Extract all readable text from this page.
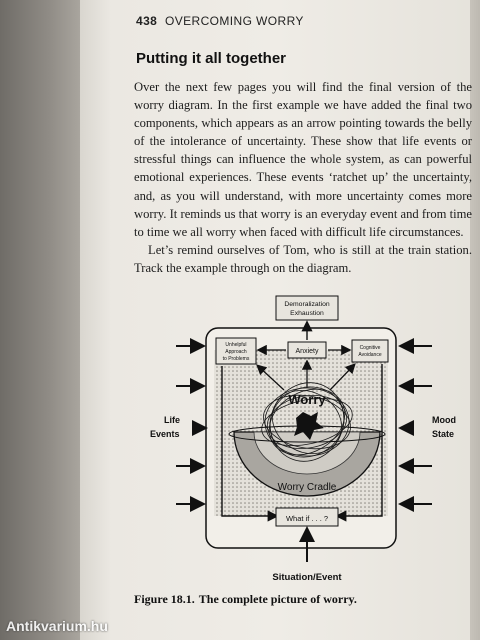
438 OVERCOMING WORRY
Putting it all together

Over the next few pages you will find the final version of the worry diagram. In the first example we have added the final two components, which appears as an arrow pointing towards the belly of the intolerance of uncertainty. These show that life events or stressful things can influence the whole system, as can powerful emotional experiences. These events ‘ratchet up’ the uncertainty, and, as you will understand, with more uncertainty comes more worry. It reminds us that worry is an everyday event and from time to time we all worry when faced with difficult life circumstances.

Let’s remind ourselves of Tom, who is still at the train station. Track the example through on the diagram.

Demoralization
Exhaustion
Unhelpful
Approach
to Problems
Anxiety	Cognitive
Avoidance
Worry Cradle
Worry
What if . . . ?
Life
Events
Mood
State
Situation/Event
Figure 18.1. The complete picture of worry.
Antikvarium.hu
